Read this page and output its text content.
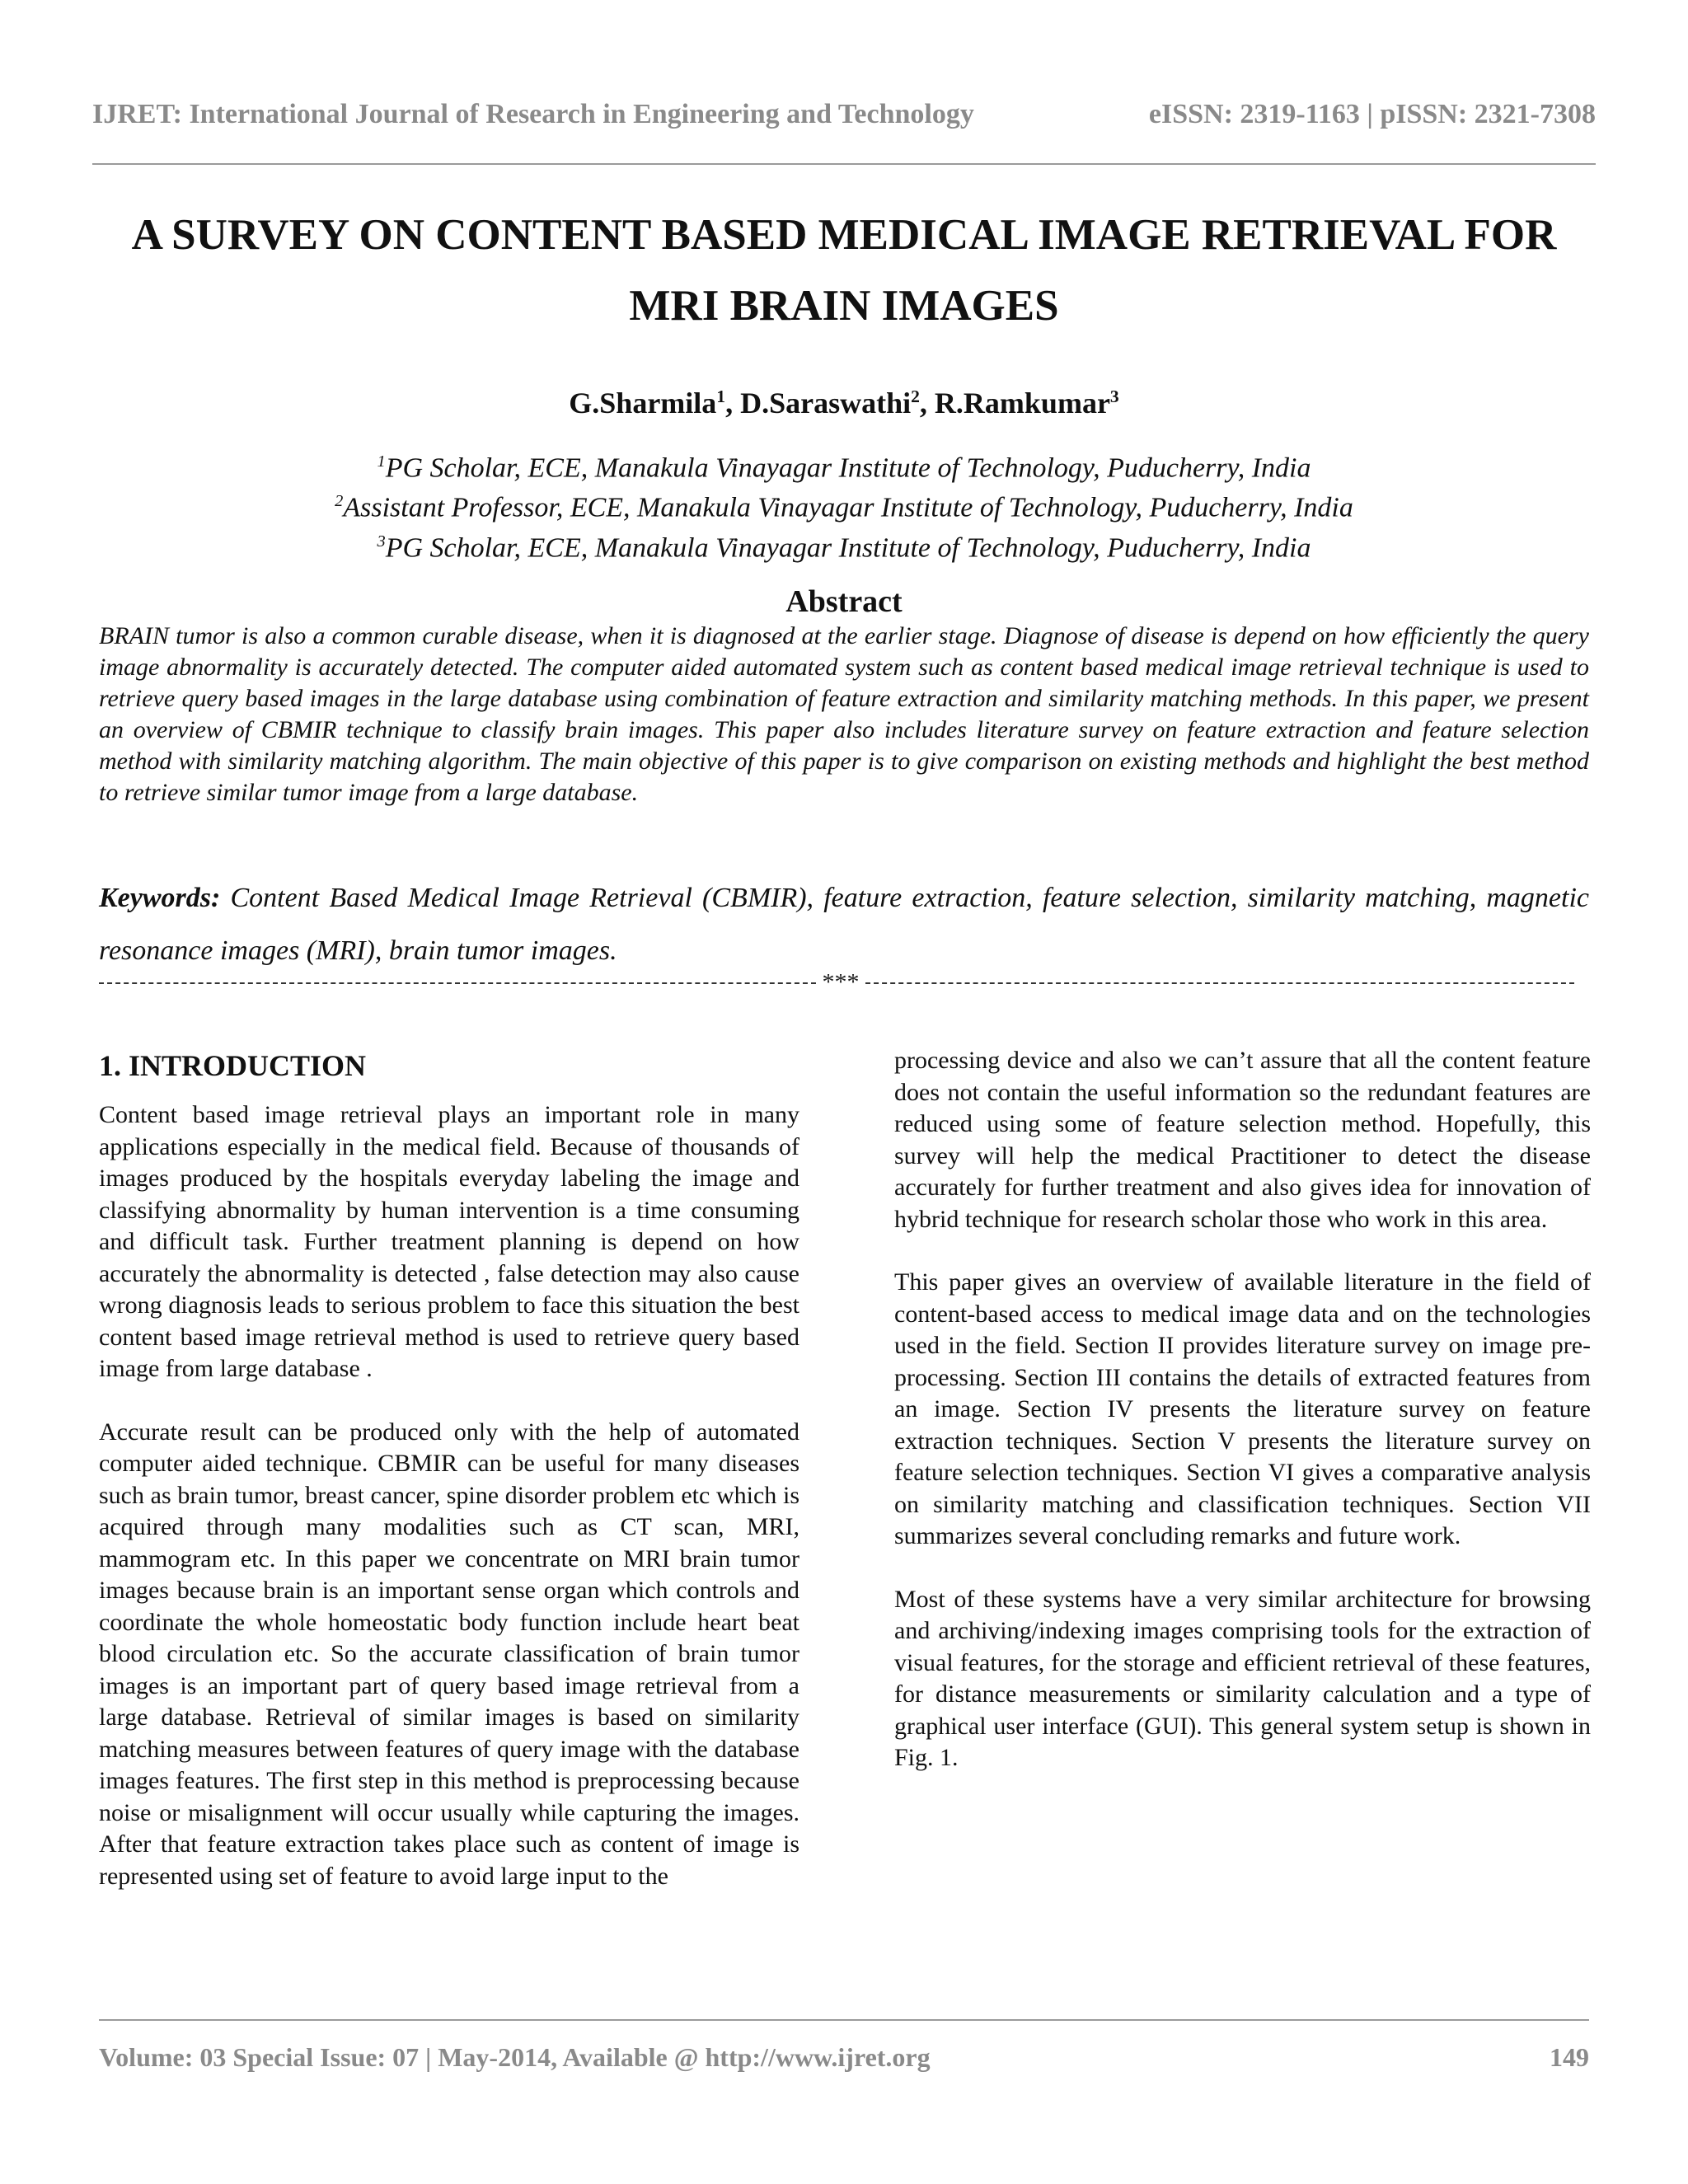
IJRET: International Journal of Research in Engineering and Technology	eISSN: 2319-1163 | pISSN: 2321-7308
A SURVEY ON CONTENT BASED MEDICAL IMAGE RETRIEVAL FOR
MRI BRAIN IMAGES
G.Sharmila$^1$, D.Saraswathi$^2$, R.Ramkumar$^3$
$^1$PG Scholar, ECE, Manakula Vinayagar Institute of Technology, Puducherry, India
$^2$Assistant Professor, ECE, Manakula Vinayagar Institute of Technology, Puducherry, India
$^3$PG Scholar, ECE, Manakula Vinayagar Institute of Technology, Puducherry, India
Abstract
BRAIN tumor is also a common curable disease, when it is diagnosed at the earlier stage. Diagnose of disease is depend on how efficiently the query image abnormality is accurately detected. The computer aided automated system such as content based medical image retrieval technique is used to retrieve query based images in the large database using combination of feature extraction and similarity matching methods. In this paper, we present an overview of CBMIR technique to classify brain images. This paper also includes literature survey on feature extraction and feature selection method with similarity matching algorithm. The main objective of this paper is to give comparison on existing methods and highlight the best method to retrieve similar tumor image from a large database.
Keywords: Content Based Medical Image Retrieval (CBMIR), feature extraction, feature selection, similarity matching, magnetic resonance images (MRI), brain tumor images.
***
1. INTRODUCTION

Content based image retrieval plays an important role in many applications especially in the medical field. Because of thousands of images produced by the hospitals everyday labeling the image and classifying abnormality by human intervention is a time consuming and difficult task. Further treatment planning is depend on how accurately the abnormality is detected , false detection may also cause wrong diagnosis leads to serious problem to face this situation the best content based image retrieval method is used to retrieve query based image from large database .

Accurate result can be produced only with the help of automated computer aided technique. CBMIR can be useful for many diseases such as brain tumor, breast cancer, spine disorder problem etc which is acquired through many modalities such as CT scan, MRI, mammogram etc. In this paper we concentrate on MRI brain tumor images because brain is an important sense organ which controls and coordinate the whole homeostatic body function include heart beat blood circulation etc. So the accurate classification of brain tumor images is an important part of query based image retrieval from a large database. Retrieval of similar images is based on similarity matching measures between features of query image with the database images features. The first step in this method is preprocessing because noise or misalignment will occur usually while capturing the images. After that feature extraction takes place such as content of image is represented using set of feature to avoid large input to the

processing device and also we can’t assure that all the content feature does not contain the useful information so the redundant features are reduced using some of feature selection method. Hopefully, this survey will help the medical Practitioner to detect the disease accurately for further treatment and also gives idea for innovation of hybrid technique for research scholar those who work in this area.

This paper gives an overview of available literature in the field of content-based access to medical image data and on the technologies used in the field. Section II provides literature survey on image pre-processing. Section III contains the details of extracted features from an image. Section IV presents the literature survey on feature extraction techniques. Section V presents the literature survey on feature selection techniques. Section VI gives a comparative analysis on similarity matching and classification techniques. Section VII summarizes several concluding remarks and future work.

Most of these systems have a very similar architecture for browsing and archiving/indexing images comprising tools for the extraction of visual features, for the storage and efficient retrieval of these features, for distance measurements or similarity calculation and a type of graphical user interface (GUI). This general system setup is shown in Fig. 1.

Volume: 03 Special Issue: 07 | May-2014, Available @ http://www.ijret.org	149
